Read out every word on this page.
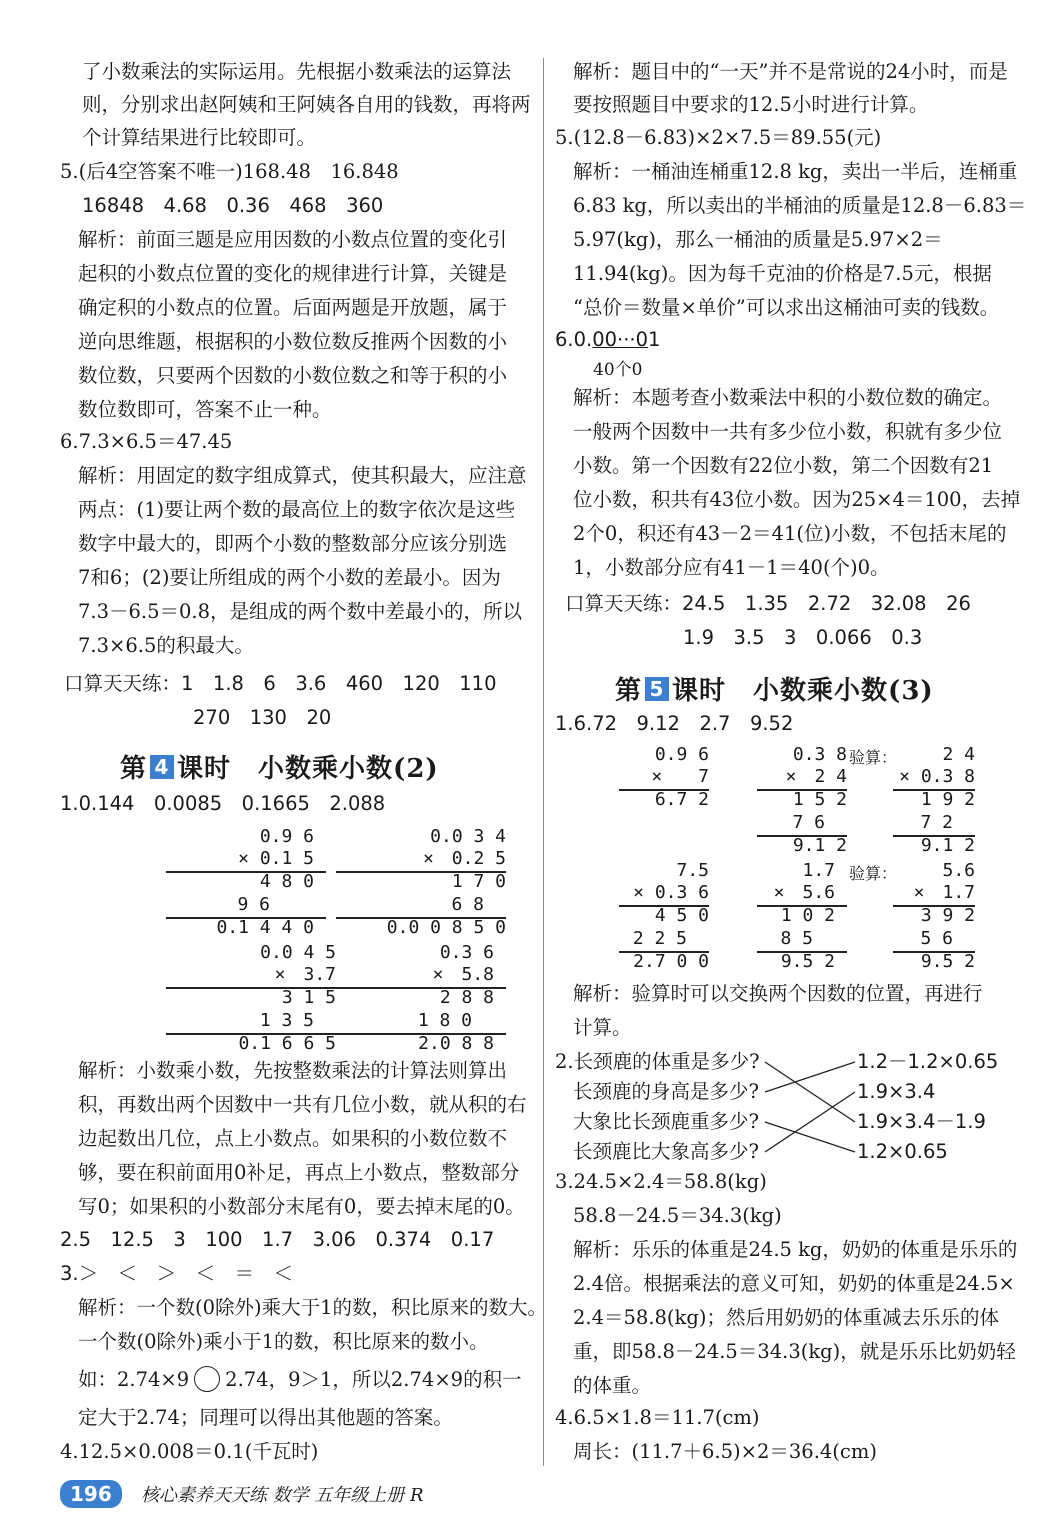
了小数乘法的实际运用。先根据小数乘法的运算法
则，分别求出赵阿姨和王阿姨各自用的钱数，再将两
个计算结果进行比较即可。
5.(后4空答案不唯一)168.48　16.848
16848　4.68　0.36　468　360
解析：前面三题是应用因数的小数点位置的变化引
起积的小数点位置的变化的规律进行计算，关键是
确定积的小数点的位置。后面两题是开放题，属于
逆向思维题，根据积的小数位数反推两个因数的小
数位数，只要两个因数的小数位数之和等于积的小
数位数即可，答案不止一种。
6.7.3×6.5＝47.45
解析：用固定的数字组成算式，使其积最大，应注意
两点：(1)要让两个数的最高位上的数字依次是这些
数字中最大的，即两个小数的整数部分应该分别选
7和6；(2)要让所组成的两个小数的差最小。因为
7.3－6.5＝0.8，是组成的两个数中差最小的，所以
7.3×6.5的积最大。
口算天天练：1　1.8　6　3.6　460　120　110
270　130　20
第 4 课时　小数乘小数(2)
1.0.144　0.0085　0.1665　2.088
0.9 6
× 0.1 5
4 8 0
9 6
0.1 4 4 0
0.0 3 4
×　0.2 5
1 7 0
6 8
0.0 0 8 5 0
0.0 4 5
×　3.7
3 1 5
1 3 5
0.1 6 6 5
0.3 6
×　5.8
2 8 8
1 8 0
2.0 8 8
解析：小数乘小数，先按整数乘法的计算法则算出
积，再数出两个因数中一共有几位小数，就从积的右
边起数出几位，点上小数点。如果积的小数位数不
够，要在积前面用0补足，再点上小数点，整数部分
写0；如果积的小数部分末尾有0，要去掉末尾的0。
2.5　12.5　3　100　1.7　3.06　0.374　0.17
3.＞　＜　＞　＜　＝　＜
解析：一个数(0除外)乘大于1的数，积比原来的数大。
一个数(0除外)乘小于1的数，积比原来的数小。
如：2.74×9 2.74，9＞1，所以2.74×9的积一
定大于2.74；同理可以得出其他题的答案。
4.12.5×0.008＝0.1(千瓦时)
解析：题目中的“一天”并不是常说的24小时，而是
要按照题目中要求的12.5小时进行计算。
5.(12.8－6.83)×2×7.5＝89.55(元)
解析：一桶油连桶重12.8 kg，卖出一半后，连桶重
6.83 kg，所以卖出的半桶油的质量是12.8－6.83＝
5.97(kg)，那么一桶油的质量是5.97×2＝
11.94(kg)。因为每千克油的价格是7.5元，根据
“总价＝数量×单价”可以求出这桶油可卖的钱数。
6.0.00···01
40个0
解析：本题考查小数乘法中积的小数位数的确定。
一般两个因数中一共有多少位小数，积就有多少位
小数。第一个因数有22位小数，第二个因数有21
位小数，积共有43位小数。因为25×4＝100，去掉
2个0，积还有43－2＝41(位)小数，不包括末尾的
1，小数部分应有41－1＝40(个)0。
口算天天练：24.5　1.35　2.72　32.08　26
1.9　3.5　3　0.066　0.3
第 5 课时　小数乘小数(3)
1.6.72　9.12　2.7　9.52
0.9 6
×　　7
6.7 2
0.3 8
×　2 4
1 5 2
7 6
9.1 2
验算：	2 4
× 0.3 8
1 9 2
7 2
9.1 2
7.5
× 0.3 6
4 5 0
2 2 5
2.7 0 0
1.7
×　5.6
1 0 2
8 5
9.5 2
验算：	5.6
×　1.7
3 9 2
5 6
9.5 2
解析：验算时可以交换两个因数的位置，再进行
计算。
2.长颈鹿的体重是多少?
长颈鹿的身高是多少?
大象比长颈鹿重多少?
长颈鹿比大象高多少?
1.2－1.2×0.65
1.9×3.4
1.9×3.4－1.9
1.2×0.65
3.24.5×2.4＝58.8(kg)
58.8－24.5＝34.3(kg)
解析：乐乐的体重是24.5 kg，奶奶的体重是乐乐的
2.4倍。根据乘法的意义可知，奶奶的体重是24.5×
2.4＝58.8(kg)；然后用奶奶的体重减去乐乐的体
重，即58.8－24.5＝34.3(kg)，就是乐乐比奶奶轻
的体重。
4.6.5×1.8＝11.7(cm)
周长：(11.7＋6.5)×2＝36.4(cm)
196 核心素养天天练 数学 五年级上册 R
